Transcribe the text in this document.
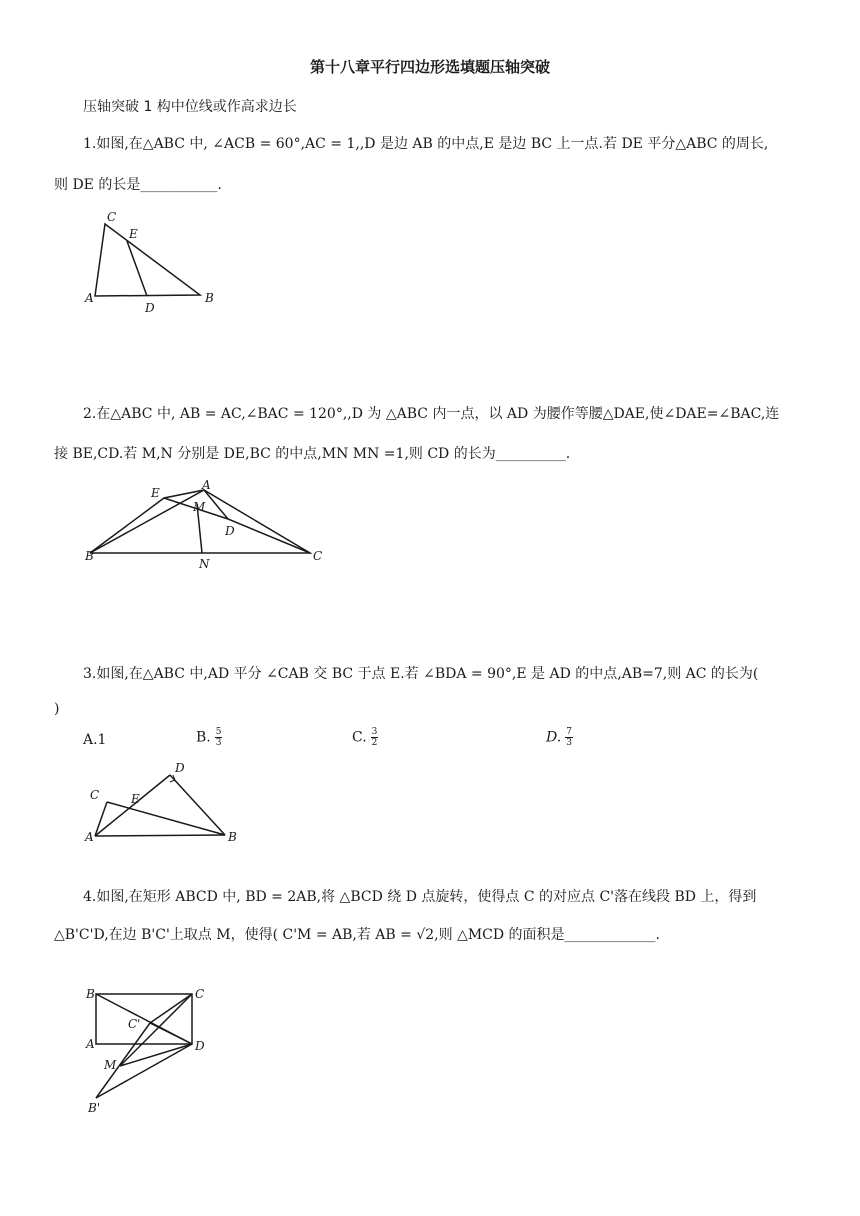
第十八章平行四边形选填题压轴突破
压轴突破 1 构中位线或作高求边长
1.如图,在△ABC 中, ∠ACB = 60°,AC = 1,,D 是边 AB 的中点,E 是边 BC 上一点.若 DE 平分△ABC 的周长,
则 DE 的长是___________.
C
E
A
D
B
2.在△ABC 中, AB = AC,∠BAC = 120°,,D 为 △ABC 内一点，以 AD 为腰作等腰△DAE,使∠DAE=∠BAC,连
接 BE,CD.若 M,N 分别是 DE,BC 的中点,MN MN =1,则 CD 的长为__________.
E
A
M
D
B
N
C
3.如图,在△ABC 中,AD 平分 ∠CAB 交 BC 于点 E.若 ∠BDA = 90°,E 是 AD 的中点,AB=7,则 AC 的长为(
)
A.1	B. $\frac{5}{3}$	C. $\frac{3}{2}$	D. $\frac{7}{3}$
D
C	E
A	B
4.如图,在矩形 ABCD 中, BD = 2AB,将 △BCD 绕 D 点旋转，使得点 C 的对应点 C'落在线段 BD 上，得到
△B'C'D,在边 B'C'上取点 M，使得( C'M = AB,若 AB = √2,则 △MCD 的面积是_____________.
B	C
C'
A	D
M
B'
